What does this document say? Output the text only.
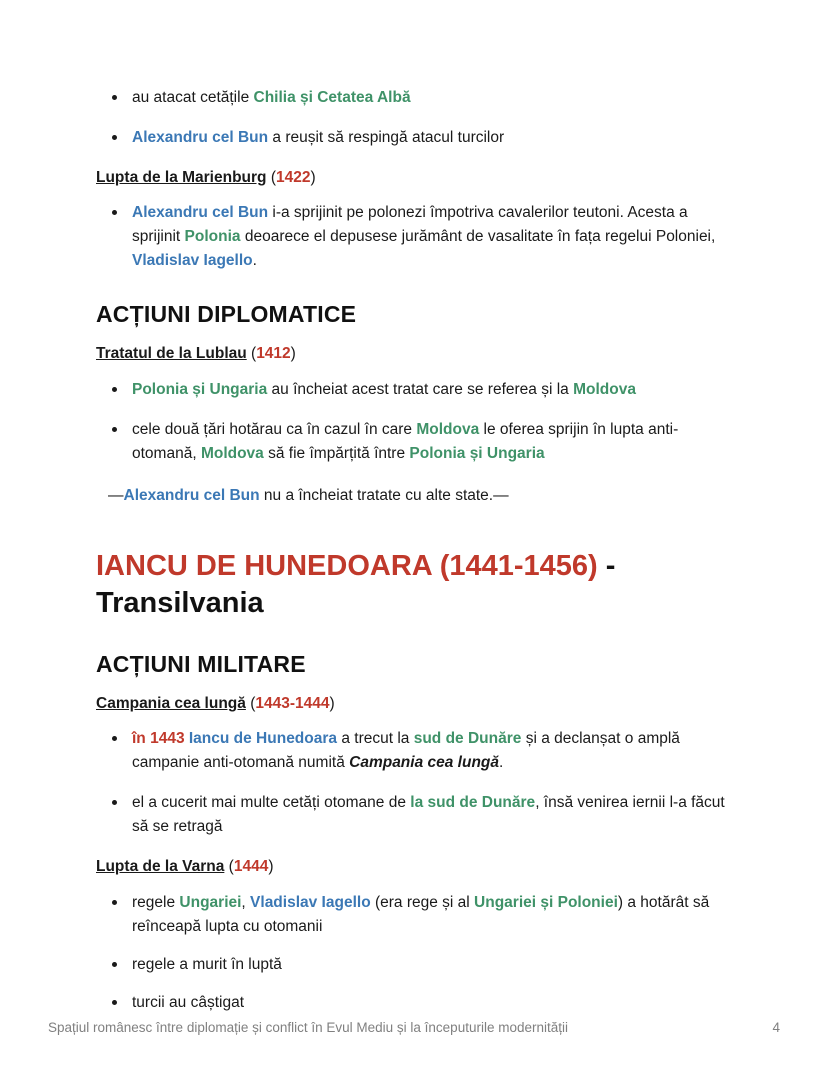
au atacat cetățile Chilia și Cetatea Albă
Alexandru cel Bun a reușit să respingă atacul turcilor
Lupta de la Marienburg (1422)
Alexandru cel Bun i-a sprijinit pe polonezi împotriva cavalerilor teutoni. Acesta a sprijinit Polonia deoarece el depusese jurământ de vasalitate în fața regelui Poloniei, Vladislav Iagello.
ACȚIUNI DIPLOMATICE
Tratatul de la Lublau (1412)
Polonia și Ungaria au încheiat acest tratat care se referea și la Moldova
cele două țări hotărau ca în cazul în care Moldova le oferea sprijin în lupta anti-otomană, Moldova să fie împărțită între Polonia și Ungaria
—Alexandru cel Bun nu a încheiat tratate cu alte state.—
IANCU DE HUNEDOARA (1441-1456) - Transilvania
ACȚIUNI MILITARE
Campania cea lungă (1443-1444)
în 1443 Iancu de Hunedoara a trecut la sud de Dunăre și a declanșat o amplă campanie anti-otomană numită Campania cea lungă.
el a cucerit mai multe cetăți otomane de la sud de Dunăre, însă venirea iernii l-a făcut să se retragă
Lupta de la Varna (1444)
regele Ungariei, Vladislav Iagello (era rege și al Ungariei și Poloniei) a hotărât să reînceapă lupta cu otomanii
regele a murit în luptă
turcii au câștigat
Spațiul românesc între diplomație și conflict în Evul Mediu și la începuturile modernității	4
